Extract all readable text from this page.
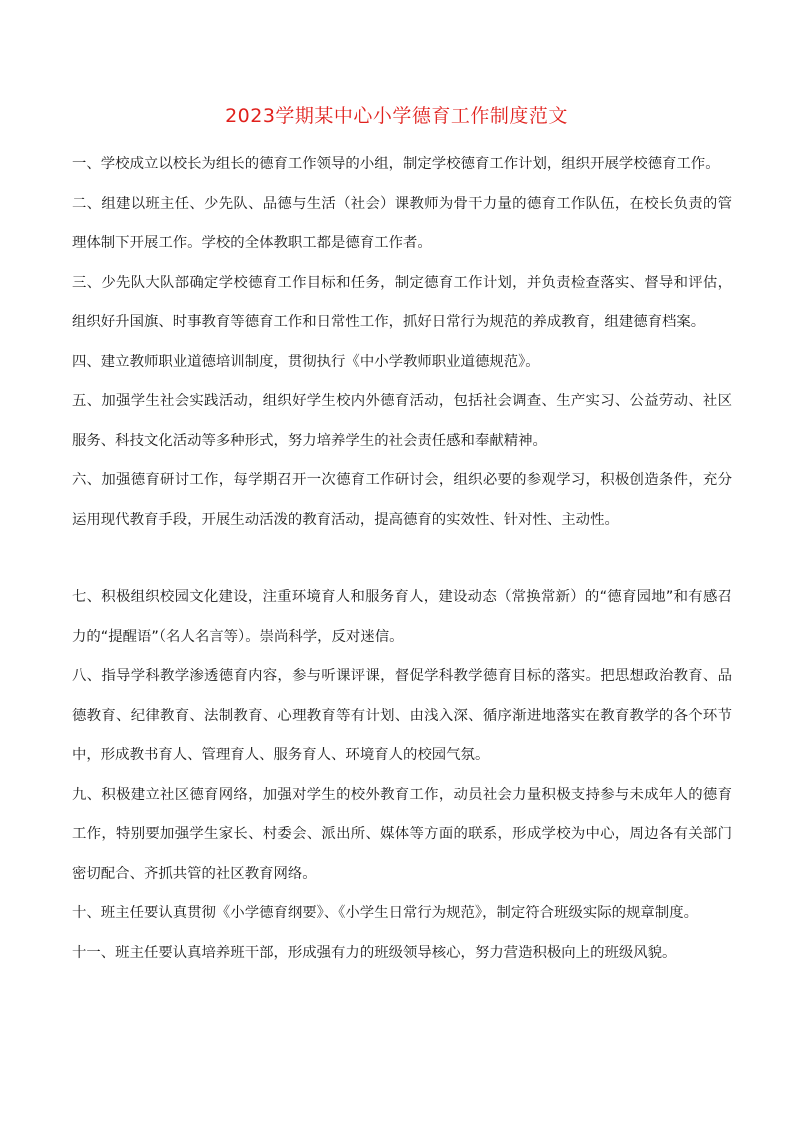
2023学期某中心小学德育工作制度范文

一、学校成立以校长为组长的德育工作领导的小组，制定学校德育工作计划，组织开展学校德育工作。

二、组建以班主任、少先队、品德与生活（社会）课教师为骨干力量的德育工作队伍，在校长负责的管理体制下开展工作。学校的全体教职工都是德育工作者。

三、少先队大队部确定学校德育工作目标和任务，制定德育工作计划，并负责检查落实、督导和评估，组织好升国旗、时事教育等德育工作和日常性工作，抓好日常行为规范的养成教育，组建德育档案。

四、建立教师职业道德培训制度，贯彻执行《中小学教师职业道德规范》。

五、加强学生社会实践活动，组织好学生校内外德育活动，包括社会调查、生产实习、公益劳动、社区服务、科技文化活动等多种形式，努力培养学生的社会责任感和奉献精神。

六、加强德育研讨工作，每学期召开一次德育工作研讨会，组织必要的参观学习，积极创造条件，充分运用现代教育手段，开展生动活泼的教育活动，提高德育的实效性、针对性、主动性。

七、积极组织校园文化建设，注重环境育人和服务育人，建设动态（常换常新）的“德育园地”和有感召力的“提醒语”（名人名言等）。崇尚科学，反对迷信。

八、指导学科教学渗透德育内容，参与听课评课，督促学科教学德育目标的落实。把思想政治教育、品德教育、纪律教育、法制教育、心理教育等有计划、由浅入深、循序渐进地落实在教育教学的各个环节中，形成教书育人、管理育人、服务育人、环境育人的校园气氛。

九、积极建立社区德育网络，加强对学生的校外教育工作，动员社会力量积极支持参与未成年人的德育工作，特别要加强学生家长、村委会、派出所、媒体等方面的联系，形成学校为中心，周边各有关部门密切配合、齐抓共管的社区教育网络。

十、班主任要认真贯彻《小学德育纲要》、《小学生日常行为规范》，制定符合班级实际的规章制度。

十一、班主任要认真培养班干部，形成强有力的班级领导核心，努力营造积极向上的班级风貌。
